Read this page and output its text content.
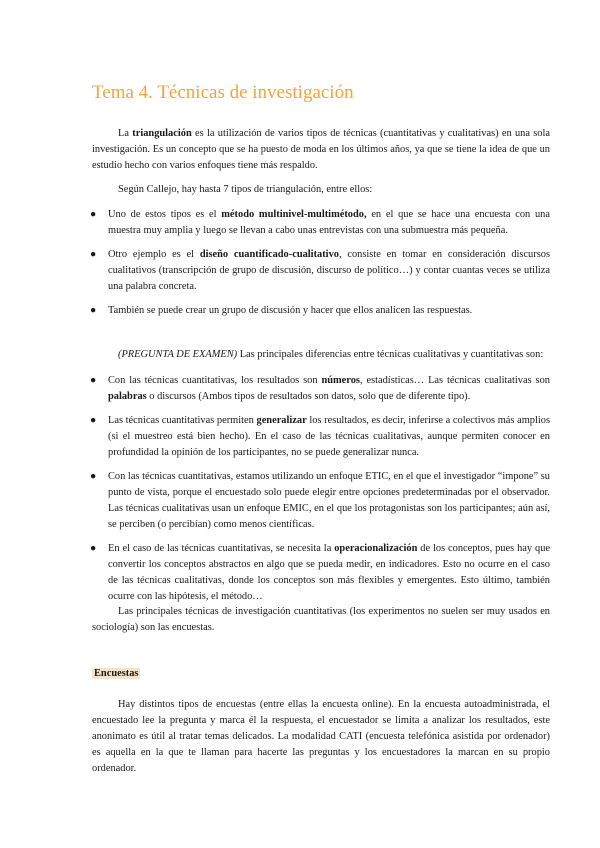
Tema 4. Técnicas de investigación

La triangulación es la utilización de varios tipos de técnicas (cuantitativas y cualitativas) en una sola investigación. Es un concepto que se ha puesto de moda en los últimos años, ya que se tiene la idea de que un estudio hecho con varios enfoques tiene más respaldo.

Según Callejo, hay hasta 7 tipos de triangulación, entre ellos:

● Uno de estos tipos es el método multinivel-multimétodo, en el que se hace una encuesta con una muestra muy amplia y luego se llevan a cabo unas entrevistas con una submuestra más pequeña.
● Otro ejemplo es el diseño cuantificado-cualitativo, consiste en tomar en consideración discursos cualitativos (transcripción de grupo de discusión, discurso de político…) y contar cuantas veces se utiliza una palabra concreta.
● También se puede crear un grupo de discusión y hacer que ellos analicen las respuestas.

(PREGUNTA DE EXAMEN) Las principales diferencias entre técnicas cualitativas y cuantitativas son:

● Con las técnicas cuantitativas, los resultados son números, estadísticas… Las técnicas cualitativas son palabras o discursos (Ambos tipos de resultados son datos, solo que de diferente tipo).
● Las técnicas cuantitativas permiten generalizar los resultados, es decir, inferirse a colectivos más amplios (si el muestreo está bien hecho). En el caso de las técnicas cualitativas, aunque permiten conocer en profundidad la opinión de los participantes, no se puede generalizar nunca.
● Con las técnicas cuantitativas, estamos utilizando un enfoque ETIC, en el que el investigador “impone” su punto de vista, porque el encuestado solo puede elegir entre opciones predeterminadas por el observador. Las técnicas cualitativas usan un enfoque EMIC, en el que los protagonistas son los participantes; aún así, se perciben (o percibían) como menos científicas.
● En el caso de las técnicas cuantitativas, se necesita la operacionalización de los conceptos, pues hay que convertir los conceptos abstractos en algo que se pueda medir, en indicadores. Esto no ocurre en el caso de las técnicas cualitativas, donde los conceptos son más flexibles y emergentes. Esto último, también ocurre con las hipótesis, el método…

Las principales técnicas de investigación cuantitativas (los experimentos no suelen ser muy usados en sociología) son las encuestas.

Encuestas

Hay distintos tipos de encuestas (entre ellas la encuesta online). En la encuesta autoadministrada, el encuestado lee la pregunta y marca él la respuesta, el encuestador se limita a analizar los resultados, este anonimato es útil al tratar temas delicados. La modalidad CATI (encuesta telefónica asistida por ordenador) es aquella en la que te llaman para hacerte las preguntas y los encuestadores la marcan en su propio ordenador.
